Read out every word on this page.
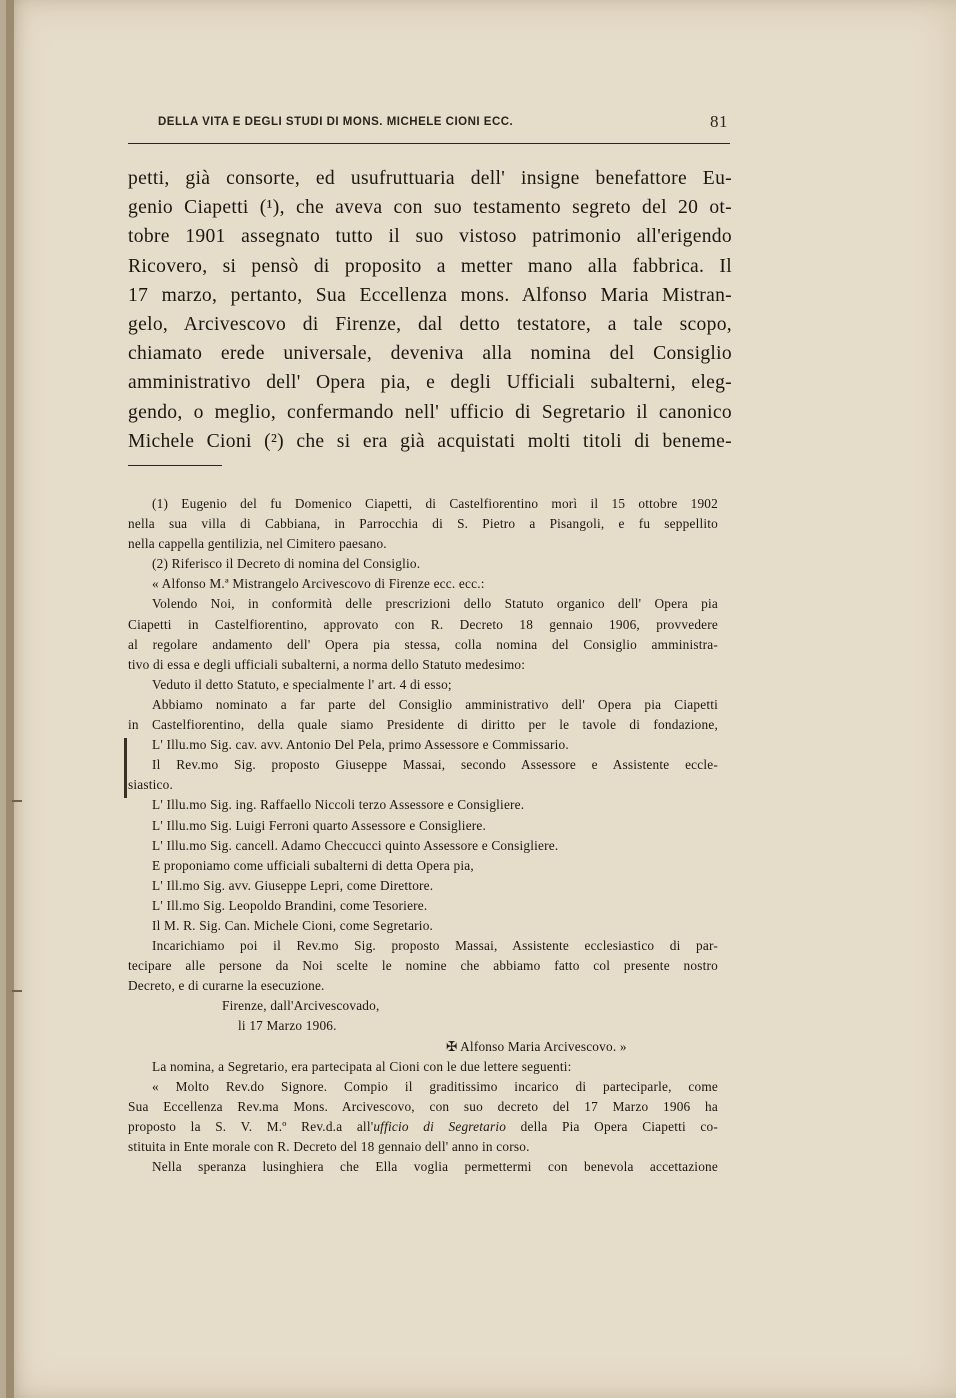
DELLA VITA E DEGLI STUDI DI MONS. MICHELE CIONI ECC.	81
petti, già consorte, ed usufruttuaria dell' insigne benefattore Eu-
genio Ciapetti (¹), che aveva con suo testamento segreto del 20 ot-
tobre 1901 assegnato tutto il suo vistoso patrimonio all'erigendo
Ricovero, si pensò di proposito a metter mano alla fabbrica. Il
17 marzo, pertanto, Sua Eccellenza mons. Alfonso Maria Mistran-
gelo, Arcivescovo di Firenze, dal detto testatore, a tale scopo,
chiamato erede universale, deveniva alla nomina del Consiglio
amministrativo dell' Opera pia, e degli Ufficiali subalterni, eleg-
gendo, o meglio, confermando nell' ufficio di Segretario il canonico
Michele Cioni (²) che si era già acquistati molti titoli di beneme-
(1) Eugenio del fu Domenico Ciapetti, di Castelfiorentino morì il 15 ottobre 1902
nella sua villa di Cabbiana, in Parrocchia di S. Pietro a Pisangoli, e fu seppellito
nella cappella gentilizia, nel Cimitero paesano.
(2) Riferisco il Decreto di nomina del Consiglio.
« Alfonso M.ª Mistrangelo Arcivescovo di Firenze ecc. ecc.:
Volendo Noi, in conformità delle prescrizioni dello Statuto organico dell' Opera pia
Ciapetti in Castelfiorentino, approvato con R. Decreto 18 gennaio 1906, provvedere
al regolare andamento dell' Opera pia stessa, colla nomina del Consiglio amministra-
tivo di essa e degli ufficiali subalterni, a norma dello Statuto medesimo:
Veduto il detto Statuto, e specialmente l' art. 4 di esso;
Abbiamo nominato a far parte del Consiglio amministrativo dell' Opera pia Ciapetti
in Castelfiorentino, della quale siamo Presidente di diritto per le tavole di fondazione,
L' Illu.mo Sig. cav. avv. Antonio Del Pela, primo Assessore e Commissario.
Il Rev.mo Sig. proposto Giuseppe Massai, secondo Assessore e Assistente eccle-
siastico.
L' Illu.mo Sig. ing. Raffaello Niccoli terzo Assessore e Consigliere.
L' Illu.mo Sig. Luigi Ferroni quarto Assessore e Consigliere.
L' Illu.mo Sig. cancell. Adamo Checcucci quinto Assessore e Consigliere.
E proponiamo come ufficiali subalterni di detta Opera pia,
L' Ill.mo Sig. avv. Giuseppe Lepri, come Direttore.
L' Ill.mo Sig. Leopoldo Brandini, come Tesoriere.
Il M. R. Sig. Can. Michele Cioni, come Segretario.
Incarichiamo poi il Rev.mo Sig. proposto Massai, Assistente ecclesiastico di par-
tecipare alle persone da Noi scelte le nomine che abbiamo fatto col presente nostro
Decreto, e di curarne la esecuzione.
Firenze, dall'Arcivescovado,
li 17 Marzo 1906.
✠ Alfonso Maria Arcivescovo. »
La nomina, a Segretario, era partecipata al Cioni con le due lettere seguenti:
« Molto Rev.do Signore. Compio il graditissimo incarico di parteciparle, come
Sua Eccellenza Rev.ma Mons. Arcivescovo, con suo decreto del 17 Marzo 1906 ha
proposto la S. V. M.º Rev.d.a all'ufficio di Segretario della Pia Opera Ciapetti co-
stituita in Ente morale con R. Decreto del 18 gennaio dell' anno in corso.
Nella speranza lusinghiera che Ella voglia permettermi con benevola accettazione
